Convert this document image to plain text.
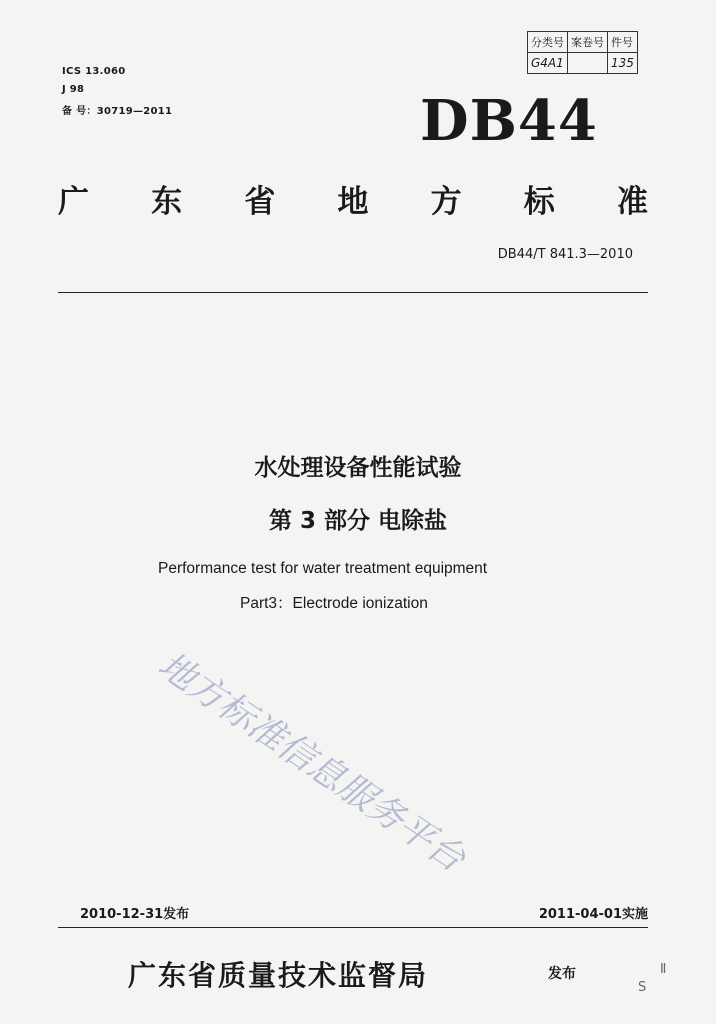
ICS 13.060
J 98
备 号：30719—2011
分类号	案卷号	件号
G4A1		135
DB44
广 东 省 地 方 标 准
DB44/T 841.3—2010
水处理设备性能试验
第 3 部分 电除盐
Performance test for water treatment equipment
Part3：Electrode ionization
地方标准信息服务平台
2010-12-31发布	2011-04-01实施
广东省质量技术监督局	发布	Ⅱ
S
